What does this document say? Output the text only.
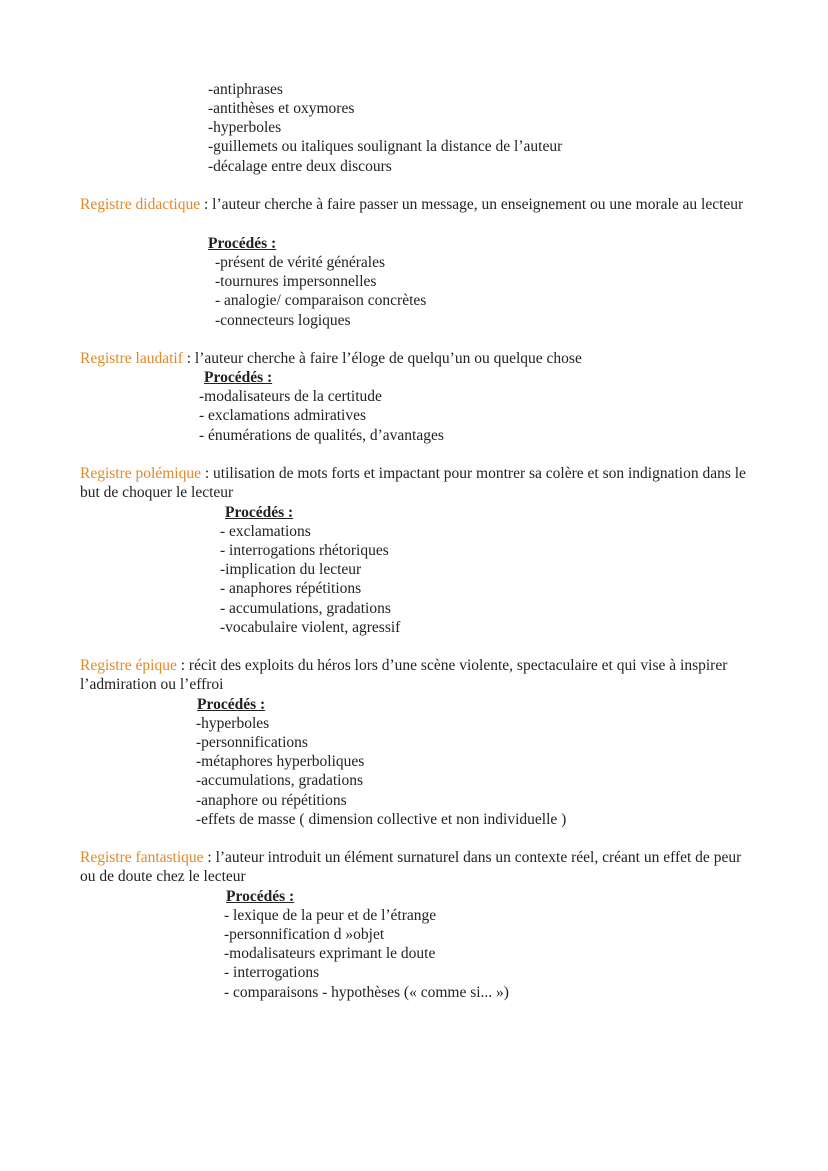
-antiphrases
-antithèses et oxymores
-hyperboles
-guillemets ou italiques soulignant la distance de l’auteur
-décalage entre deux discours
Registre didactique : l’auteur cherche à faire passer un message, un enseignement ou une morale au lecteur
Procédés :
-présent de vérité générales
-tournures impersonnelles
- analogie/ comparaison concrètes
-connecteurs logiques
Registre laudatif : l’auteur cherche à faire l’éloge de quelqu’un ou quelque chose
Procédés :
-modalisateurs de la certitude
- exclamations admiratives
- énumérations de qualités, d’avantages
Registre polémique : utilisation de mots forts et impactant pour montrer sa colère et son indignation dans le but de choquer le lecteur
Procédés :
- exclamations
- interrogations rhétoriques
-implication du lecteur
- anaphores répétitions
- accumulations, gradations
-vocabulaire violent, agressif
Registre épique : récit des exploits du héros lors d’une scène violente, spectaculaire et qui vise à inspirer l’admiration ou l’effroi
Procédés :
-hyperboles
-personnifications
-métaphores hyperboliques
-accumulations, gradations
-anaphore ou répétitions
-effets de masse ( dimension collective et non individuelle )
Registre fantastique : l’auteur introduit un élément surnaturel dans un contexte réel, créant un effet de peur ou de doute chez le lecteur
Procédés :
- lexique de la peur et de l’étrange
-personnification d »objet
-modalisateurs exprimant le doute
- interrogations
- comparaisons - hypothèses (« comme si... »)
